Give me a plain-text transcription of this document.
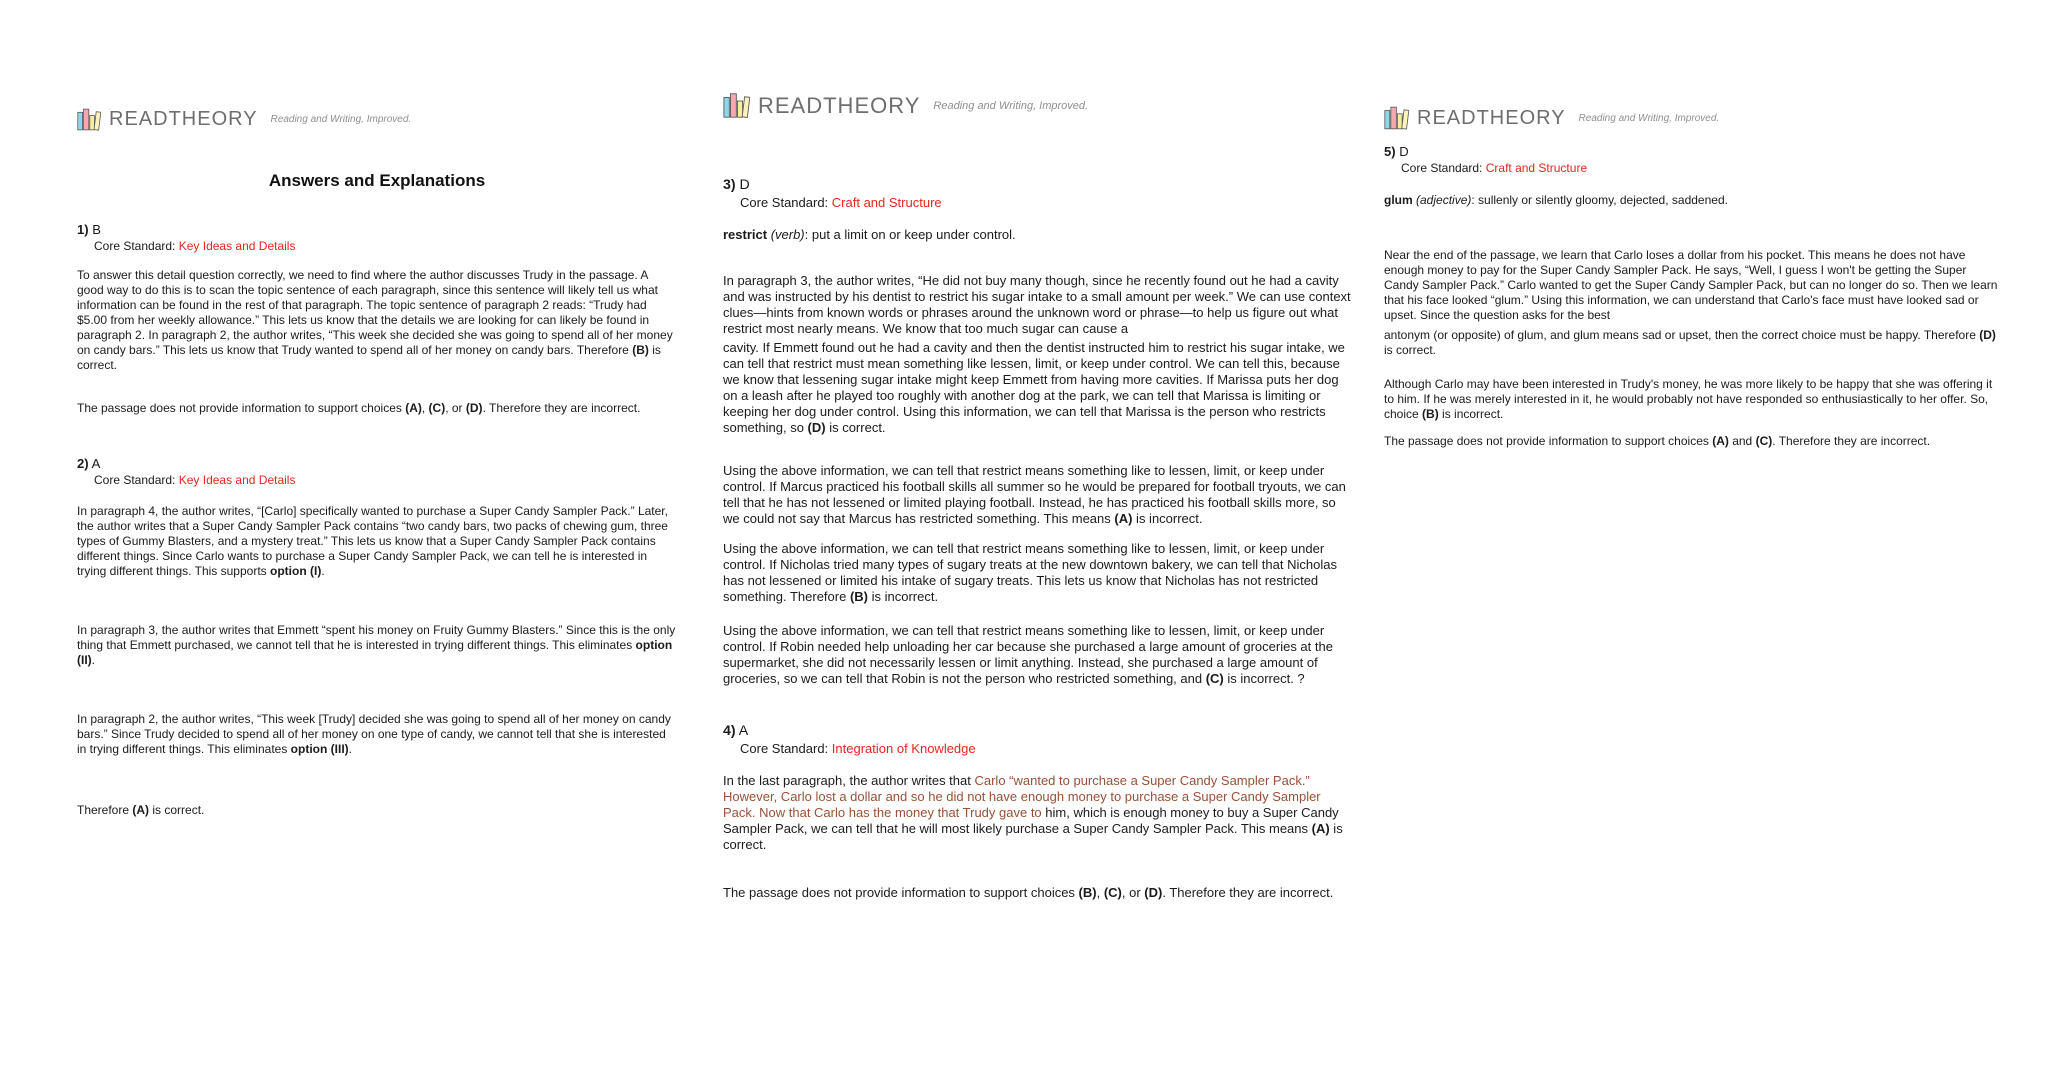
READTHEORY Reading and Writing, Improved.
Answers and Explanations
1) B
Core Standard: Key Ideas and Details

To answer this detail question correctly, we need to find where the author discusses Trudy in the passage. A good way to do this is to scan the topic sentence of each paragraph, since this sentence will likely tell us what information can be found in the rest of that paragraph. The topic sentence of paragraph 2 reads: “Trudy had $5.00 from her weekly allowance.” This lets us know that the details we are looking for can likely be found in paragraph 2. In paragraph 2, the author writes, “This week she decided she was going to spend all of her money on candy bars.” This lets us know that Trudy wanted to spend all of her money on candy bars. Therefore (B) is correct.

The passage does not provide information to support choices (A), (C), or (D). Therefore they are incorrect.

2) A
Core Standard: Key Ideas and Details

In paragraph 4, the author writes, “[Carlo] specifically wanted to purchase a Super Candy Sampler Pack.” Later, the author writes that a Super Candy Sampler Pack contains “two candy bars, two packs of chewing gum, three types of Gummy Blasters, and a mystery treat.” This lets us know that a Super Candy Sampler Pack contains different things. Since Carlo wants to purchase a Super Candy Sampler Pack, we can tell he is interested in trying different things. This supports option (I).

In paragraph 3, the author writes that Emmett “spent his money on Fruity Gummy Blasters.” Since this is the only thing that Emmett purchased, we cannot tell that he is interested in trying different things. This eliminates option (II).

In paragraph 2, the author writes, “This week [Trudy] decided she was going to spend all of her money on candy bars.” Since Trudy decided to spend all of her money on one type of candy, we cannot tell that she is interested in trying different things. This eliminates option (III).

Therefore (A) is correct.

READTHEORY Reading and Writing, Improved.
3) D
Core Standard: Craft and Structure

restrict (verb): put a limit on or keep under control.

In paragraph 3, the author writes, “He did not buy many though, since he recently found out he had a cavity and was instructed by his dentist to restrict his sugar intake to a small amount per week.” We can use context clues—hints from known words or phrases around the unknown word or phrase—to help us figure out what restrict most nearly means. We know that too much sugar can cause a

cavity. If Emmett found out he had a cavity and then the dentist instructed him to restrict his sugar intake, we can tell that restrict must mean something like lessen, limit, or keep under control. We can tell this, because we know that lessening sugar intake might keep Emmett from having more cavities. If Marissa puts her dog on a leash after he played too roughly with another dog at the park, we can tell that Marissa is limiting or keeping her dog under control. Using this information, we can tell that Marissa is the person who restricts something, so (D) is correct.

Using the above information, we can tell that restrict means something like to lessen, limit, or keep under control. If Marcus practiced his football skills all summer so he would be prepared for football tryouts, we can tell that he has not lessened or limited playing football. Instead, he has practiced his football skills more, so we could not say that Marcus has restricted something. This means (A) is incorrect.

Using the above information, we can tell that restrict means something like to lessen, limit, or keep under control. If Nicholas tried many types of sugary treats at the new downtown bakery, we can tell that Nicholas has not lessened or limited his intake of sugary treats. This lets us know that Nicholas has not restricted something. Therefore (B) is incorrect.

Using the above information, we can tell that restrict means something like to lessen, limit, or keep under control. If Robin needed help unloading her car because she purchased a large amount of groceries at the supermarket, she did not necessarily lessen or limit anything. Instead, she purchased a large amount of groceries, so we can tell that Robin is not the person who restricted something, and (C) is incorrect. ?

4) A
Core Standard: Integration of Knowledge

In the last paragraph, the author writes that Carlo “wanted to purchase a Super Candy Sampler Pack.” However, Carlo lost a dollar and so he did not have enough money to purchase a Super Candy Sampler Pack. Now that Carlo has the money that Trudy gave to him, which is enough money to buy a Super Candy Sampler Pack, we can tell that he will most likely purchase a Super Candy Sampler Pack. This means (A) is correct.

The passage does not provide information to support choices (B), (C), or (D). Therefore they are incorrect.

READTHEORY Reading and Writing, Improved.
5) D
Core Standard: Craft and Structure

glum (adjective): sullenly or silently gloomy, dejected, saddened.

Near the end of the passage, we learn that Carlo loses a dollar from his pocket. This means he does not have enough money to pay for the Super Candy Sampler Pack. He says, “Well, I guess I won't be getting the Super Candy Sampler Pack.” Carlo wanted to get the Super Candy Sampler Pack, but can no longer do so. Then we learn that his face looked “glum.” Using this information, we can understand that Carlo's face must have looked sad or upset. Since the question asks for the best

antonym (or opposite) of glum, and glum means sad or upset, then the correct choice must be happy. Therefore (D) is correct.

Although Carlo may have been interested in Trudy's money, he was more likely to be happy that she was offering it to him. If he was merely interested in it, he would probably not have responded so enthusiastically to her offer. So, choice (B) is incorrect.

The passage does not provide information to support choices (A) and (C). Therefore they are incorrect.
